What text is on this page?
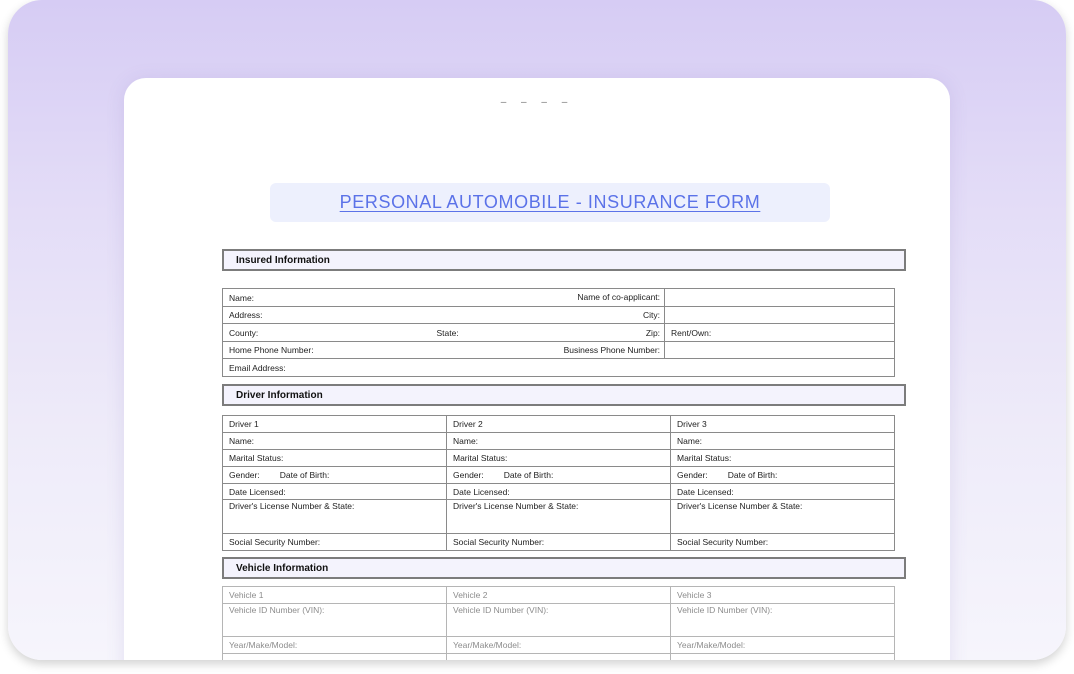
‒ ‒ ‒ ‒
PERSONAL AUTOMOBILE - INSURANCE FORM
Insured Information
Name: Name of co-applicant:			

Address: City:			

County:	State:	Zip:	Rent/Own:
Home Phone Number: Business Phone Number:			

Email Address:			
Driver Information
Driver 1	Driver 2	Driver 3
Name:	Name:	Name:
Marital Status:	Marital Status:	Marital Status:
Gender: Date of Birth:	Gender: Date of Birth:	Gender: Date of Birth:
Date Licensed:	Date Licensed:	Date Licensed:
Driver's License Number & State:	Driver's License Number & State:	Driver's License Number & State:
Social Security Number:	Social Security Number:	Social Security Number:
Vehicle Information
Vehicle 1	Vehicle 2	Vehicle 3
Vehicle ID Number (VIN):	Vehicle ID Number (VIN):	Vehicle ID Number (VIN):
Year/Make/Model:	Year/Make/Model:	Year/Make/Model:
